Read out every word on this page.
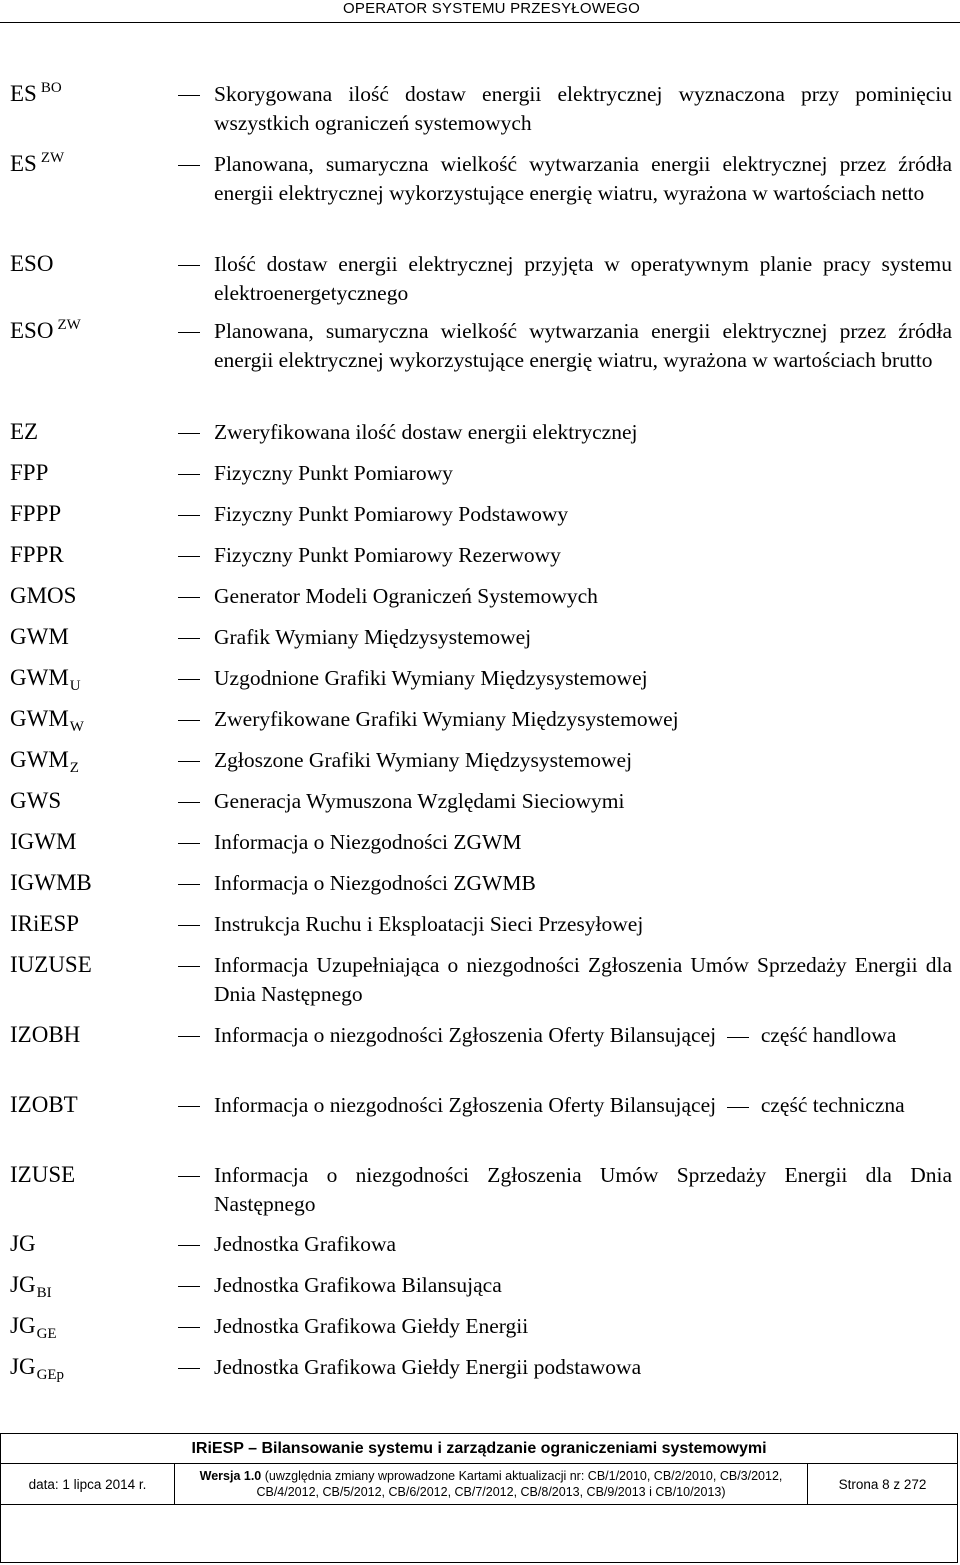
OPERATOR SYSTEMU PRZESYŁOWEGO
ES $^{BO}$	Skorygowana ilość dostaw energii elektrycznej wyznaczona przy pominięciu wszystkich ograniczeń systemowych
ES $^{ZW}$	Planowana, sumaryczna wielkość wytwarzania energii elektrycznej przez źródła energii elektrycznej wykorzystujące energię wiatru, wyrażona w wartościach netto
ESO	Ilość dostaw energii elektrycznej przyjęta w operatywnym planie pracy systemu elektroenergetycznego
ESO $^{ZW}$	Planowana, sumaryczna wielkość wytwarzania energii elektrycznej przez źródła energii elektrycznej wykorzystujące energię wiatru, wyrażona w wartościach brutto
EZ	Zweryfikowana ilość dostaw energii elektrycznej
FPP	Fizyczny Punkt Pomiarowy
FPPP	Fizyczny Punkt Pomiarowy Podstawowy
FPPR	Fizyczny Punkt Pomiarowy Rezerwowy
GMOS	Generator Modeli Ograniczeń Systemowych
GWM	Grafik Wymiany Międzysystemowej
$GWM_U$	Uzgodnione Grafiki Wymiany Międzysystemowej
$GWM_W$	Zweryfikowane Grafiki Wymiany Międzysystemowej
$GWM_Z$	Zgłoszone Grafiki Wymiany Międzysystemowej
GWS	Generacja Wymuszona Względami Sieciowymi
IGWM	Informacja o Niezgodności ZGWM
IGWMB	Informacja o Niezgodności ZGWMB
IRiESP	Instrukcja Ruchu i Eksploatacji Sieci Przesyłowej
IUZUSE	Informacja Uzupełniająca o niezgodności Zgłoszenia Umów Sprzedaży Energii dla Dnia Następnego
IZOBH	Informacja o niezgodności Zgłoszenia Oferty Bilansującej część handlowa
IZOBT	Informacja o niezgodności Zgłoszenia Oferty Bilansującej część techniczna
IZUSE	Informacja o niezgodności Zgłoszenia Umów Sprzedaży Energii dla Dnia Następnego
JG	Jednostka Grafikowa
$JG_{BI}$	Jednostka Grafikowa Bilansująca
$JG_{GE}$	Jednostka Grafikowa Giełdy Energii
$JG_{GEp}$	Jednostka Grafikowa Giełdy Energii podstawowa
IRiESP – Bilansowanie systemu i zarządzanie ograniczeniami systemowymi
data: 1 lipca 2014 r.
Wersja 1.0 (uwzględnia zmiany wprowadzone Kartami aktualizacji nr: CB/1/2010, CB/2/2010, CB/3/2012, CB/4/2012, CB/5/2012, CB/6/2012, CB/7/2012, CB/8/2013, CB/9/2013 i CB/10/2013)
Strona 8 z 272
